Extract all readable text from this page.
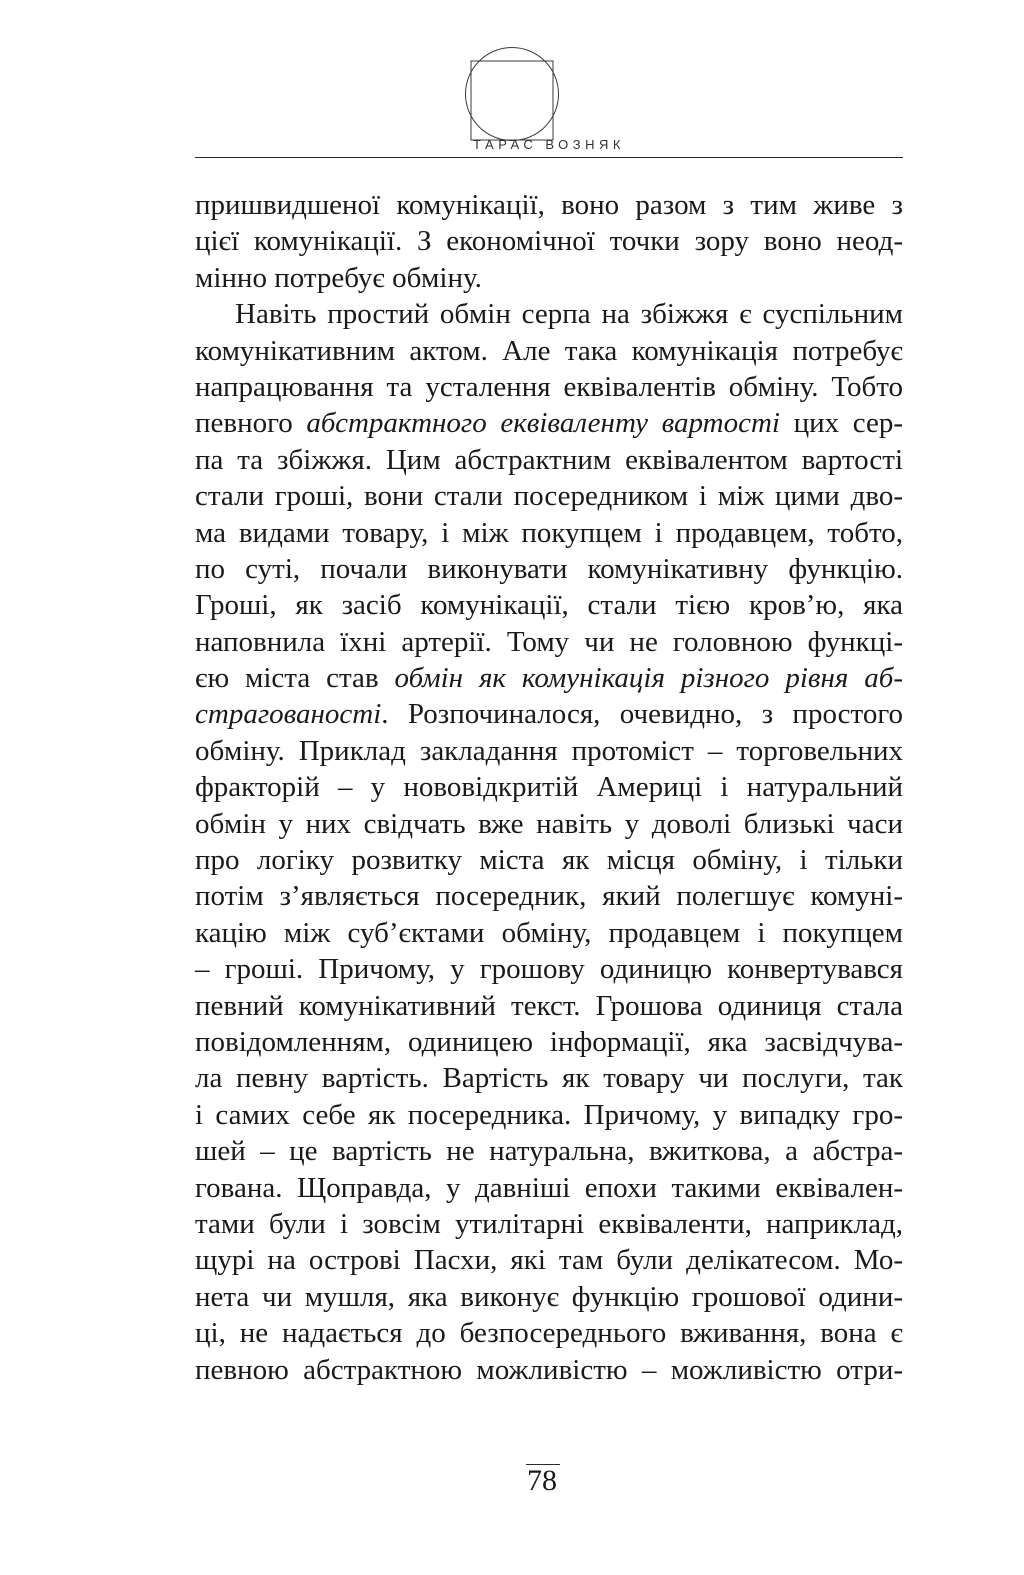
ТАРАС ВОЗНЯК
пришвидшеної комунікації, воно разом з тим живе з
цієї комунікації. З економічної точки зору воно неод-
мінно потребує обміну.
Навіть простий обмін серпа на збіжжя є суспільним
комунікативним актом. Але така комунікація потребує
напрацювання та усталення еквівалентів обміну. Тобто
певного абстрактного еквіваленту вартості цих сер-
па та збіжжя. Цим абстрактним еквівалентом вартості
стали гроші, вони стали посередником і між цими дво-
ма видами товару, і між покупцем і продавцем, тобто,
по суті, почали виконувати комунікативну функцію.
Гроші, як засіб комунікації, стали тією кров’ю, яка
наповнила їхні артерії. Тому чи не головною функці-
єю міста став обмін як комунікація різного рівня аб-
страгованості. Розпочиналося, очевидно, з простого
обміну. Приклад закладання протоміст – торговельних
фракторій – у нововідкритій Америці і натуральний
обмін у них свідчать вже навіть у доволі близькі часи
про логіку розвитку міста як місця обміну, і тільки
потім з’являється посередник, який полегшує комуні-
кацію між суб’єктами обміну, продавцем і покупцем
– гроші. Причому, у грошову одиницю конвертувався
певний комунікативний текст. Грошова одиниця стала
повідомленням, одиницею інформації, яка засвідчува-
ла певну вартість. Вартість як товару чи послуги, так
і самих себе як посередника. Причому, у випадку гро-
шей – це вартість не натуральна, вжиткова, а абстра-
гована. Щоправда, у давніші епохи такими еквівален-
тами були і зовсім утилітарні еквіваленти, наприклад,
щурі на острові Пасхи, які там були делікатесом. Мо-
нета чи мушля, яка виконує функцію грошової одини-
ці, не надається до безпосереднього вживання, вона є
певною абстрактною можливістю – можливістю отри-
78
